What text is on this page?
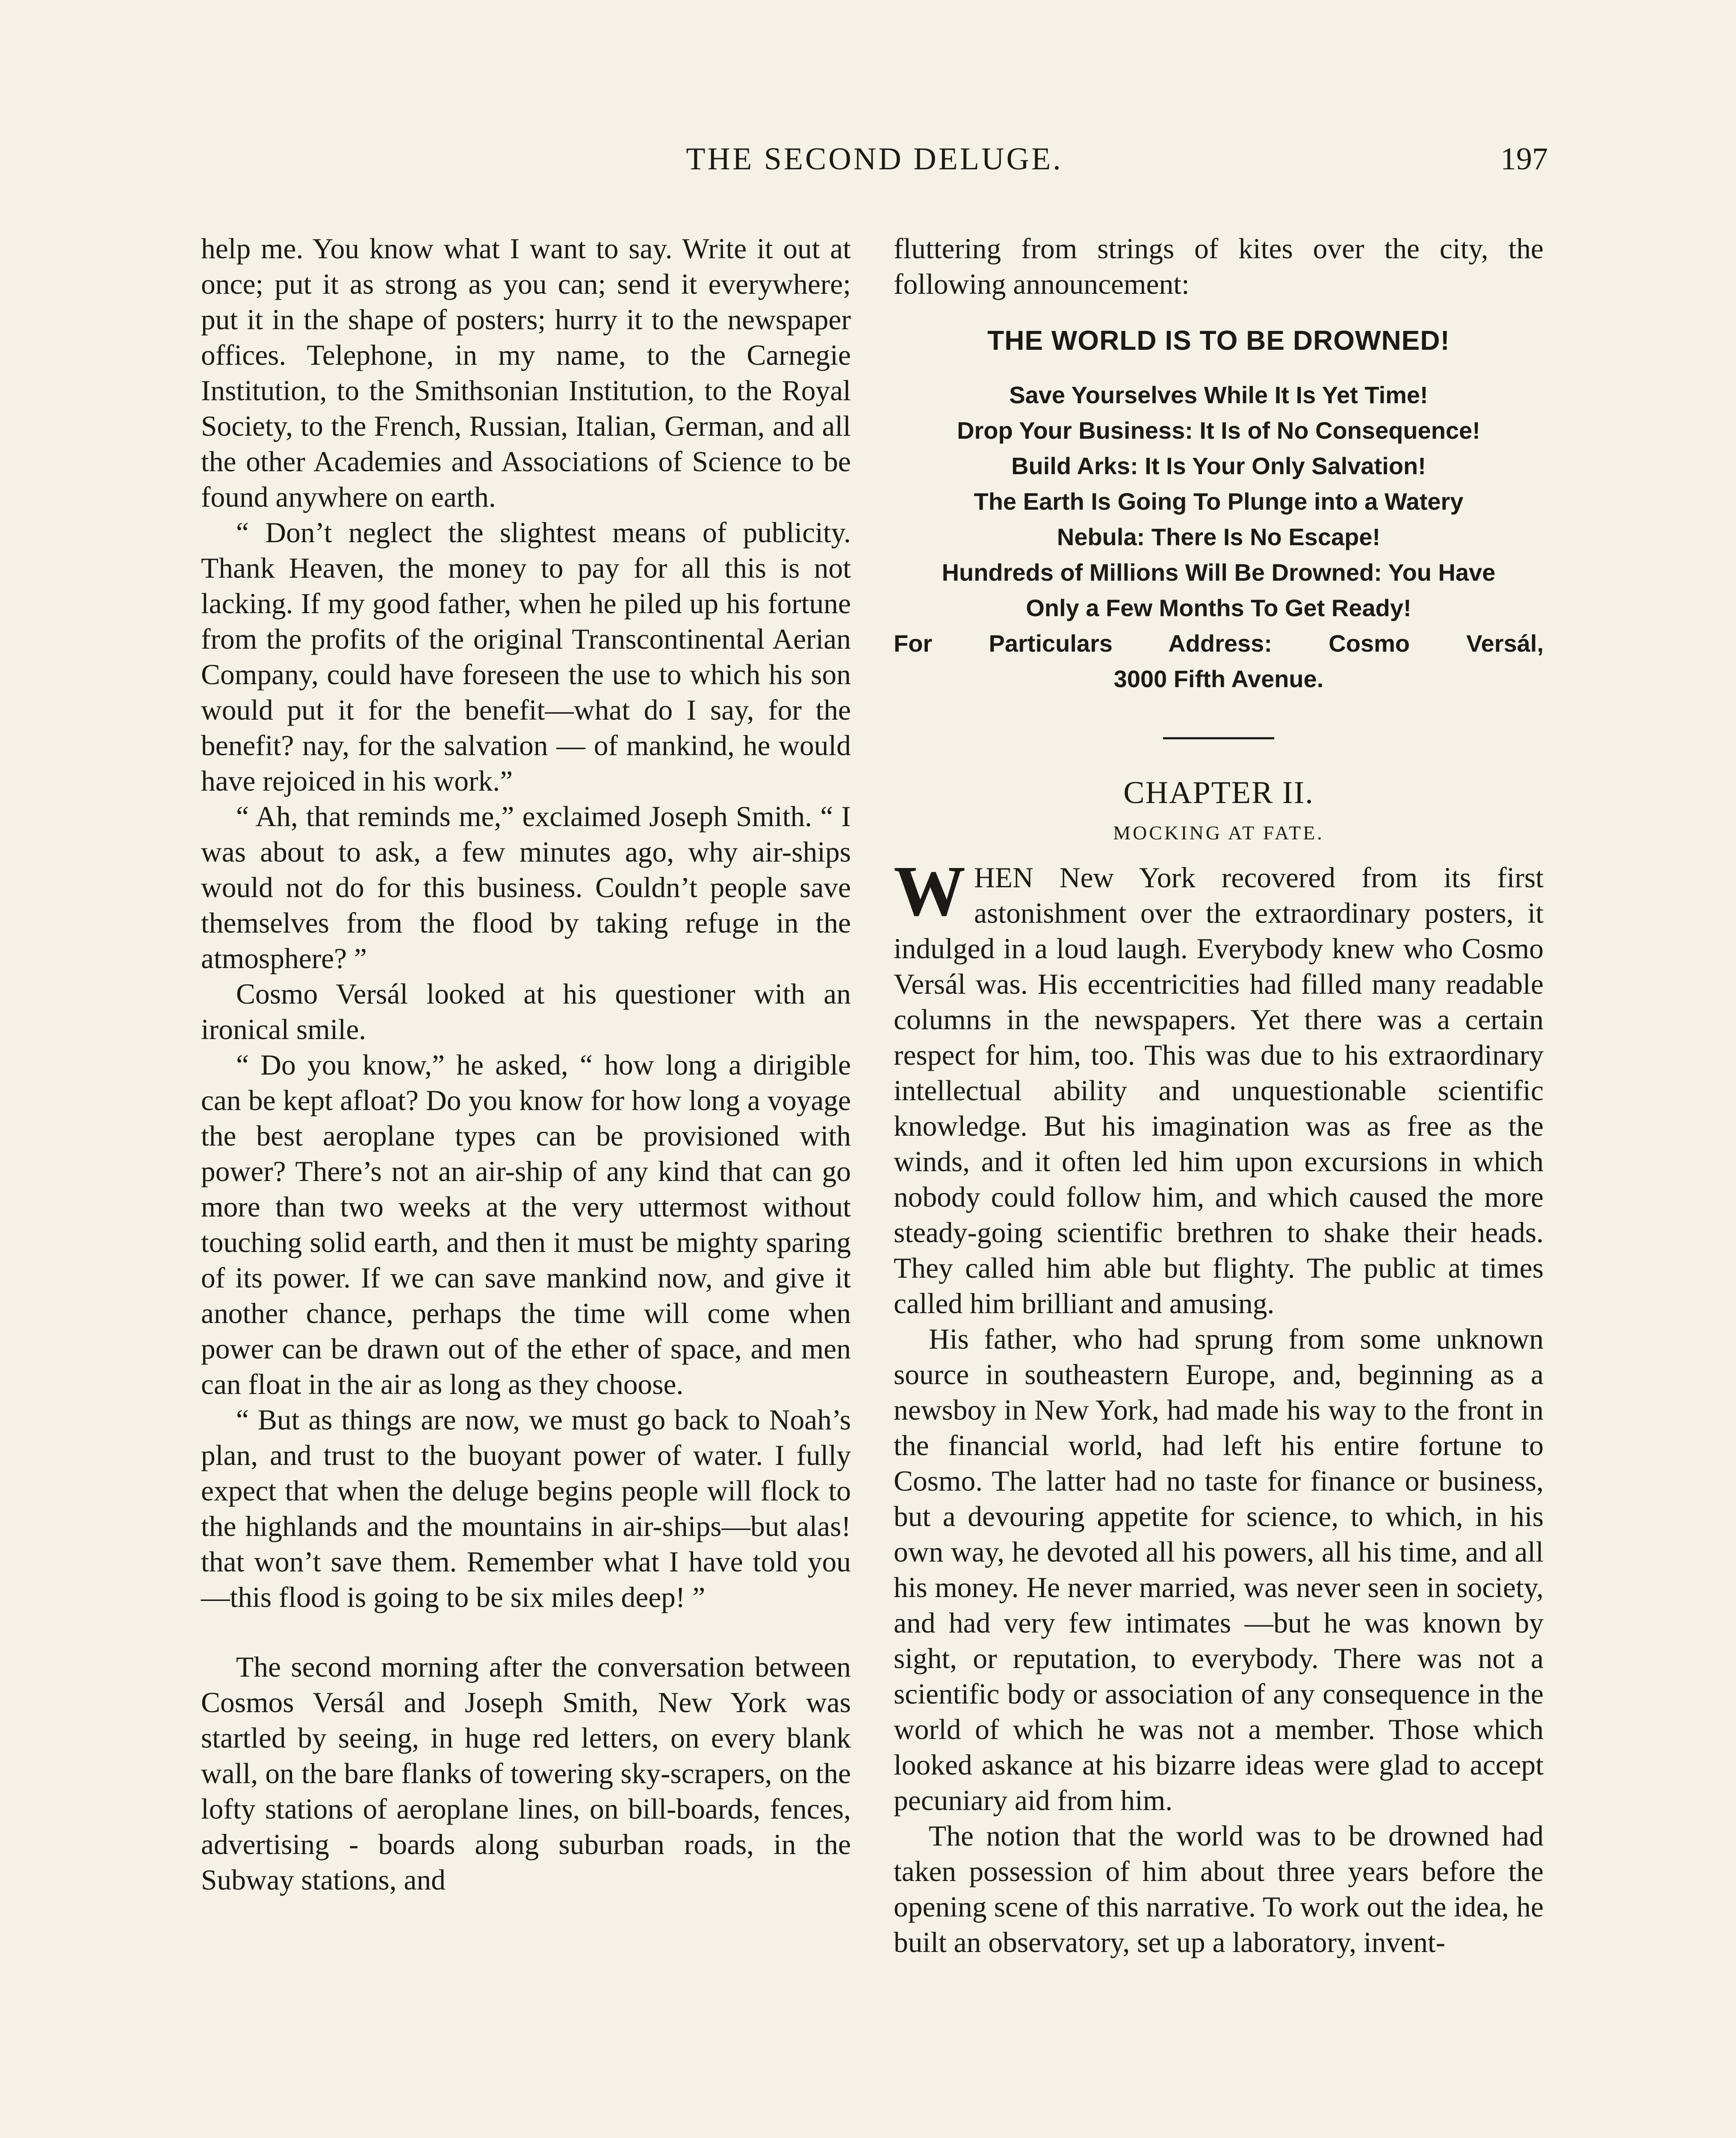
THE SECOND DELUGE.	197

help me. You know what I want to say. Write it out at once; put it as strong as you can; send it everywhere; put it in the shape of posters; hurry it to the newspaper offices. Telephone, in my name, to the Carnegie Institution, to the Smithsonian Institution, to the Royal Society, to the French, Russian, Italian, German, and all the other Academies and Associations of Science to be found anywhere on earth.

“ Don’t neglect the slightest means of publicity. Thank Heaven, the money to pay for all this is not lacking. If my good father, when he piled up his fortune from the profits of the original Transcontinental Aerian Company, could have foreseen the use to which his son would put it for the benefit—what do I say, for the benefit? nay, for the salvation — of mankind, he would have rejoiced in his work.”

“ Ah, that reminds me,” exclaimed Joseph Smith. “ I was about to ask, a few minutes ago, why air-ships would not do for this business. Couldn’t people save themselves from the flood by taking refuge in the atmosphere? ”

Cosmo Versál looked at his questioner with an ironical smile.

“ Do you know,” he asked, “ how long a dirigible can be kept afloat? Do you know for how long a voyage the best aeroplane types can be provisioned with power? There’s not an air-ship of any kind that can go more than two weeks at the very uttermost without touching solid earth, and then it must be mighty sparing of its power. If we can save mankind now, and give it another chance, perhaps the time will come when power can be drawn out of the ether of space, and men can float in the air as long as they choose.

“ But as things are now, we must go back to Noah’s plan, and trust to the buoyant power of water. I fully expect that when the deluge begins people will flock to the highlands and the mountains in air-ships—but alas! that won’t save them. Remember what I have told you—this flood is going to be six miles deep! ”

The second morning after the conversation between Cosmos Versál and Joseph Smith, New York was startled by seeing, in huge red letters, on every blank wall, on the bare flanks of towering sky-scrapers, on the lofty stations of aeroplane lines, on bill-boards, fences, advertising - boards along suburban roads, in the Subway stations, and

fluttering from strings of kites over the city, the following announcement:

THE WORLD IS TO BE DROWNED!
Save Yourselves While It Is Yet Time!
Drop Your Business: It Is of No Consequence!
Build Arks: It Is Your Only Salvation!
The Earth Is Going To Plunge into a Watery
Nebula: There Is No Escape!
Hundreds of Millions Will Be Drowned: You Have
Only a Few Months To Get Ready!
For Particulars Address: Cosmo Versál,
3000 Fifth Avenue.
CHAPTER II.
MOCKING AT FATE.

WHEN New York recovered from its first astonishment over the extraordinary posters, it indulged in a loud laugh. Everybody knew who Cosmo Versál was. His eccentricities had filled many readable columns in the newspapers. Yet there was a certain respect for him, too. This was due to his extraordinary intellectual ability and unquestionable scientific knowledge. But his imagination was as free as the winds, and it often led him upon excursions in which nobody could follow him, and which caused the more steady-going scientific brethren to shake their heads. They called him able but flighty. The public at times called him brilliant and amusing.

His father, who had sprung from some unknown source in southeastern Europe, and, beginning as a newsboy in New York, had made his way to the front in the financial world, had left his entire fortune to Cosmo. The latter had no taste for finance or business, but a devouring appetite for science, to which, in his own way, he devoted all his powers, all his time, and all his money. He never married, was never seen in society, and had very few intimates —but he was known by sight, or reputation, to everybody. There was not a scientific body or association of any consequence in the world of which he was not a member. Those which looked askance at his bizarre ideas were glad to accept pecuniary aid from him.

The notion that the world was to be drowned had taken possession of him about three years before the opening scene of this narrative. To work out the idea, he built an observatory, set up a laboratory, invent-
